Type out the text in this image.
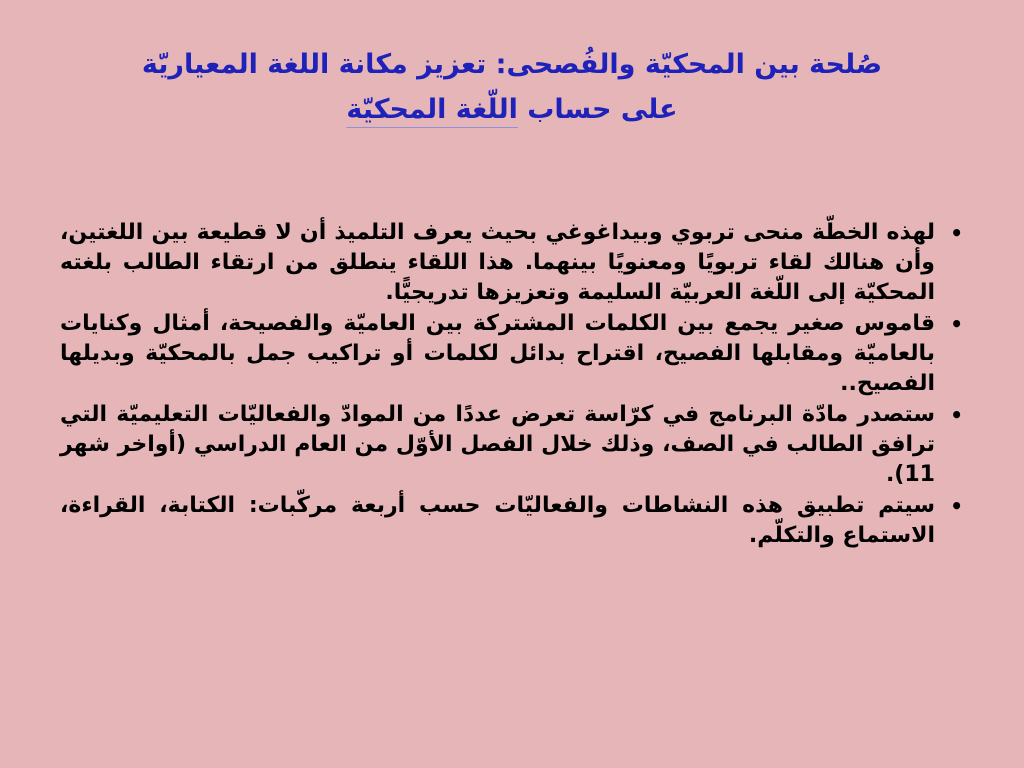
صُلحة بين المحكيّة والفُصحى: تعزيز مكانة اللغة المعياريّة
على حساب اللّغة المحكيّة
•
لهذه الخطّة منحى تربوي وبيداغوغي بحيث يعرف التلميذ أن لا قطيعة بين اللغتين، وأن هنالك لقاء تربويًا ومعنويًا بينهما. هذا اللقاء ينطلق من ارتقاء الطالب بلغته المحكيّة إلى اللّغة العربيّة السليمة وتعزيزها تدريجيًّا.
•
قاموس صغير يجمع بين الكلمات المشتركة بين العاميّة والفصيحة، أمثال وكنايات بالعاميّة ومقابلها الفصيح، اقتراح بدائل لكلمات أو تراكيب جمل بالمحكيّة وبديلها الفصيح..
•
ستصدر مادّة البرنامج في كرّاسة تعرض عددًا من الموادّ والفعاليّات التعليميّة التي ترافق الطالب في الصف، وذلك خلال الفصل الأوّل من العام الدراسي (أواخر شهر 11).
•
سيتم تطبيق هذه النشاطات والفعاليّات حسب أربعة مركّبات: الكتابة، القراءة، الاستماع والتكلّم.
